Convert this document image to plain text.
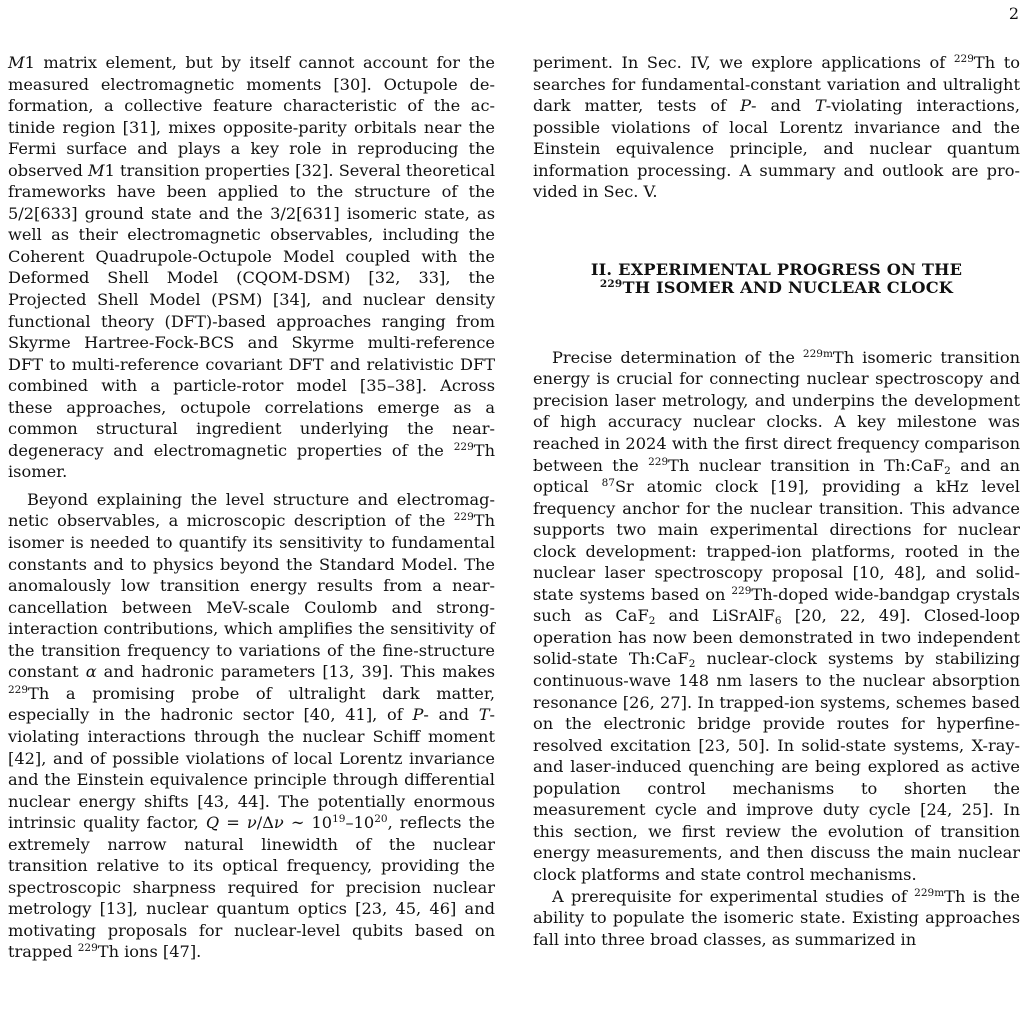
2

M1 matrix element, but by itself cannot account for the measured electromagnetic moments [30]. Octupole deformation, a collective feature characteristic of the actinide region [31], mixes opposite-parity orbitals near the Fermi surface and plays a key role in reproducing the observed M1 transition properties [32]. Several theoretical frameworks have been applied to the structure of the 5/2[633] ground state and the 3/2[631] isomeric state, as well as their electromagnetic observables, including the Coherent Quadrupole-Octupole Model coupled with the Deformed Shell Model (CQOM-DSM) [32, 33], the Projected Shell Model (PSM) [34], and nuclear density functional theory (DFT)-based approaches ranging from Skyrme Hartree-Fock-BCS and Skyrme multi-reference DFT to multi-reference covariant DFT and relativistic DFT combined with a particle-rotor model [35–38]. Across these approaches, octupole correlations emerge as a common structural ingredient underlying the near-degeneracy and electromagnetic properties of the $^{229}$Th isomer.

Beyond explaining the level structure and electromagnetic observables, a microscopic description of the $^{229}$Th isomer is needed to quantify its sensitivity to fundamental constants and to physics beyond the Standard Model. The anomalously low transition energy results from a near-cancellation between MeV-scale Coulomb and strong-interaction contributions, which amplifies the sensitivity of the transition frequency to variations of the fine-structure constant α and hadronic parameters [13, 39]. This makes $^{229}$Th a promising probe of ultralight dark matter, especially in the hadronic sector [40, 41], of P- and T-violating interactions through the nuclear Schiff moment [42], and of possible violations of local Lorentz invariance and the Einstein equivalence principle through differential nuclear energy shifts [43, 44]. The potentially enormous intrinsic quality factor, Q = ν/Δν ∼ $10^{19}-10^{20}$, reflects the extremely narrow natural linewidth of the nuclear transition relative to its optical frequency, providing the spectroscopic sharpness required for precision nuclear metrology [13], nuclear quantum optics [23, 45, 46] and motivating proposals for nuclear-level qubits based on trapped $^{229}$Th ions [47].

periment. In Sec. IV, we explore applications of $^{229}$Th to searches for fundamental-constant variation and ultralight dark matter, tests of P- and T-violating interactions, possible violations of local Lorentz invariance and the Einstein equivalence principle, and nuclear quantum information processing. A summary and outlook are provided in Sec. V.

II. EXPERIMENTAL PROGRESS ON THE
$^{229}$TH ISOMER AND NUCLEAR CLOCK

Precise determination of the $^{229m}$Th isomeric transition energy is crucial for connecting nuclear spectroscopy and precision laser metrology, and underpins the development of high accuracy nuclear clocks. A key milestone was reached in 2024 with the first direct frequency comparison between the $^{229}$Th nuclear transition in Th:CaF$_2$ and an optical $^{87}$Sr atomic clock [19], providing a kHz level frequency anchor for the nuclear transition. This advance supports two main experimental directions for nuclear clock development: trapped-ion platforms, rooted in the nuclear laser spectroscopy proposal [10, 48], and solid-state systems based on $^{229}$Th-doped wide-bandgap crystals such as CaF$_2$ and LiSrAlF$_6$ [20, 22, 49]. Closed-loop operation has now been demonstrated in two independent solid-state Th:CaF$_2$ nuclear-clock systems by stabilizing continuous-wave 148 nm lasers to the nuclear absorption resonance [26, 27]. In trapped-ion systems, schemes based on the electronic bridge provide routes for hyperfine-resolved excitation [23, 50]. In solid-state systems, X-ray- and laser-induced quenching are being explored as active population control mechanisms to shorten the measurement cycle and improve duty cycle [24, 25]. In this section, we first review the evolution of transition energy measurements, and then discuss the main nuclear clock platforms and state control mechanisms.

A prerequisite for experimental studies of $^{229m}$Th is the ability to populate the isomeric state. Existing approaches fall into three broad classes, as summarized in
